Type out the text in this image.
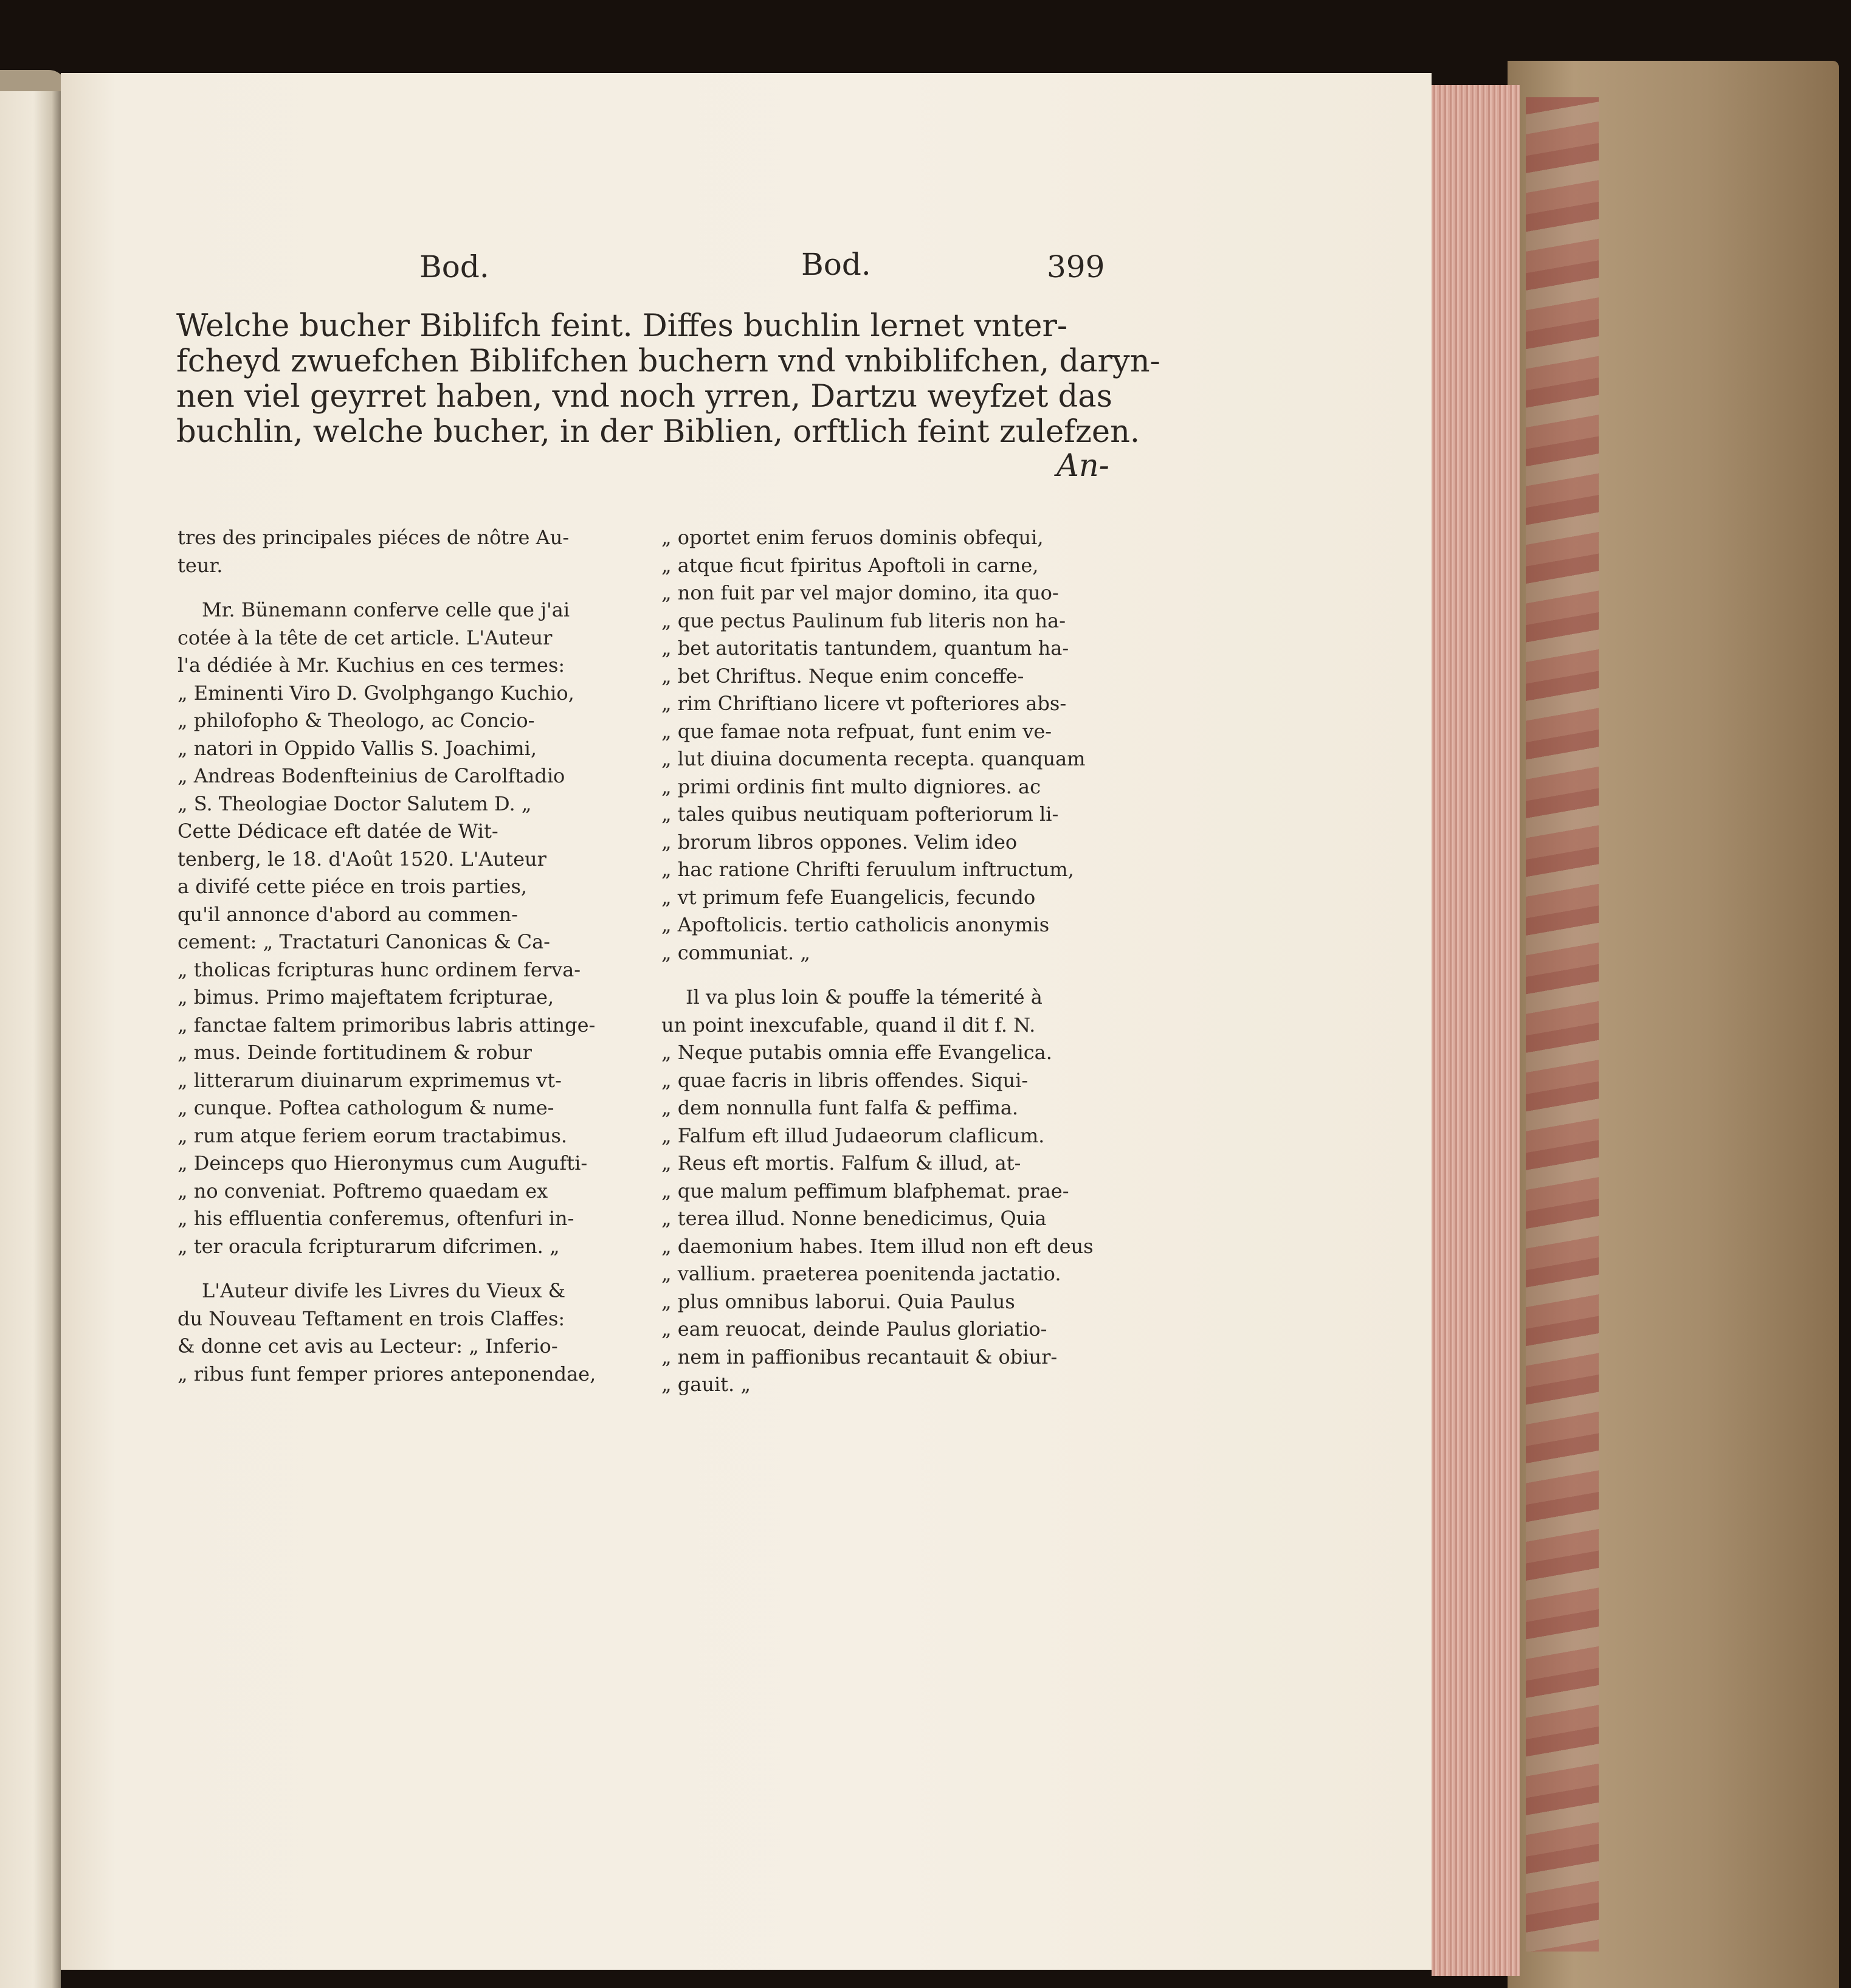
Bod.	Bod.	399
Welche bucher Biblifch feint. Diffes buchlin lernet vnter-
fcheyd zwuefchen Biblifchen buchern vnd vnbiblifchen, daryn-
nen viel geyrret haben, vnd noch yrren, Dartzu weyfzet das
buchlin, welche bucher, in der Biblien, orftlich feint zulefzen.
An-
tres des principales piéces de nôtre Au-
teur.
Mr. Bünemann conferve celle que j'ai
cotée à la tête de cet article. L'Auteur
l'a dédiée à Mr. Kuchius en ces termes:
„ Eminenti Viro D. Gvolphgango Kuchio,
„ philofopho & Theologo, ac Concio-
„ natori in Oppido Vallis S. Joachimi,
„ Andreas Bodenfteinius de Carolftadio
„ S. Theologiae Doctor Salutem D. „
Cette Dédicace eft datée de Wit-
tenberg, le 18. d'Août 1520. L'Auteur
a divifé cette piéce en trois parties,
qu'il annonce d'abord au commen-
cement: „ Tractaturi Canonicas & Ca-
„ tholicas fcripturas hunc ordinem ferva-
„ bimus. Primo majeftatem fcripturae,
„ fanctae faltem primoribus labris attinge-
„ mus. Deinde fortitudinem & robur
„ litterarum diuinarum exprimemus vt-
„ cunque. Poftea cathologum & nume-
„ rum atque feriem eorum tractabimus.
„ Deinceps quo Hieronymus cum Augufti-
„ no conveniat. Poftremo quaedam ex
„ his effluentia conferemus, oftenfuri in-
„ ter oracula fcripturarum difcrimen. „
L'Auteur divife les Livres du Vieux &
du Nouveau Teftament en trois Claffes:
& donne cet avis au Lecteur: „ Inferio-
„ ribus funt femper priores anteponendae,
„ oportet enim feruos dominis obfequi,
„ atque ficut fpiritus Apoftoli in carne,
„ non fuit par vel major domino, ita quo-
„ que pectus Paulinum fub literis non ha-
„ bet autoritatis tantundem, quantum ha-
„ bet Chriftus. Neque enim conceffe-
„ rim Chriftiano licere vt pofteriores abs-
„ que famae nota refpuat, funt enim ve-
„ lut diuina documenta recepta. quanquam
„ primi ordinis fint multo digniores. ac
„ tales quibus neutiquam pofteriorum li-
„ brorum libros oppones. Velim ideo
„ hac ratione Chrifti feruulum inftructum,
„ vt primum fefe Euangelicis, fecundo
„ Apoftolicis. tertio catholicis anonymis
„ communiat. „
Il va plus loin & pouffe la témerité à
un point inexcufable, quand il dit f. N.
„ Neque putabis omnia effe Evangelica.
„ quae facris in libris offendes. Siqui-
„ dem nonnulla funt falfa & peffima.
„ Falfum eft illud Judaeorum claflicum.
„ Reus eft mortis. Falfum & illud, at-
„ que malum peffimum blafphemat. prae-
„ terea illud. Nonne benedicimus, Quia
„ daemonium habes. Item illud non eft deus
„ vallium. praeterea poenitenda jactatio.
„ plus omnibus laborui. Quia Paulus
„ eam reuocat, deinde Paulus gloriatio-
„ nem in paffionibus recantauit & obiur-
„ gauit. „
